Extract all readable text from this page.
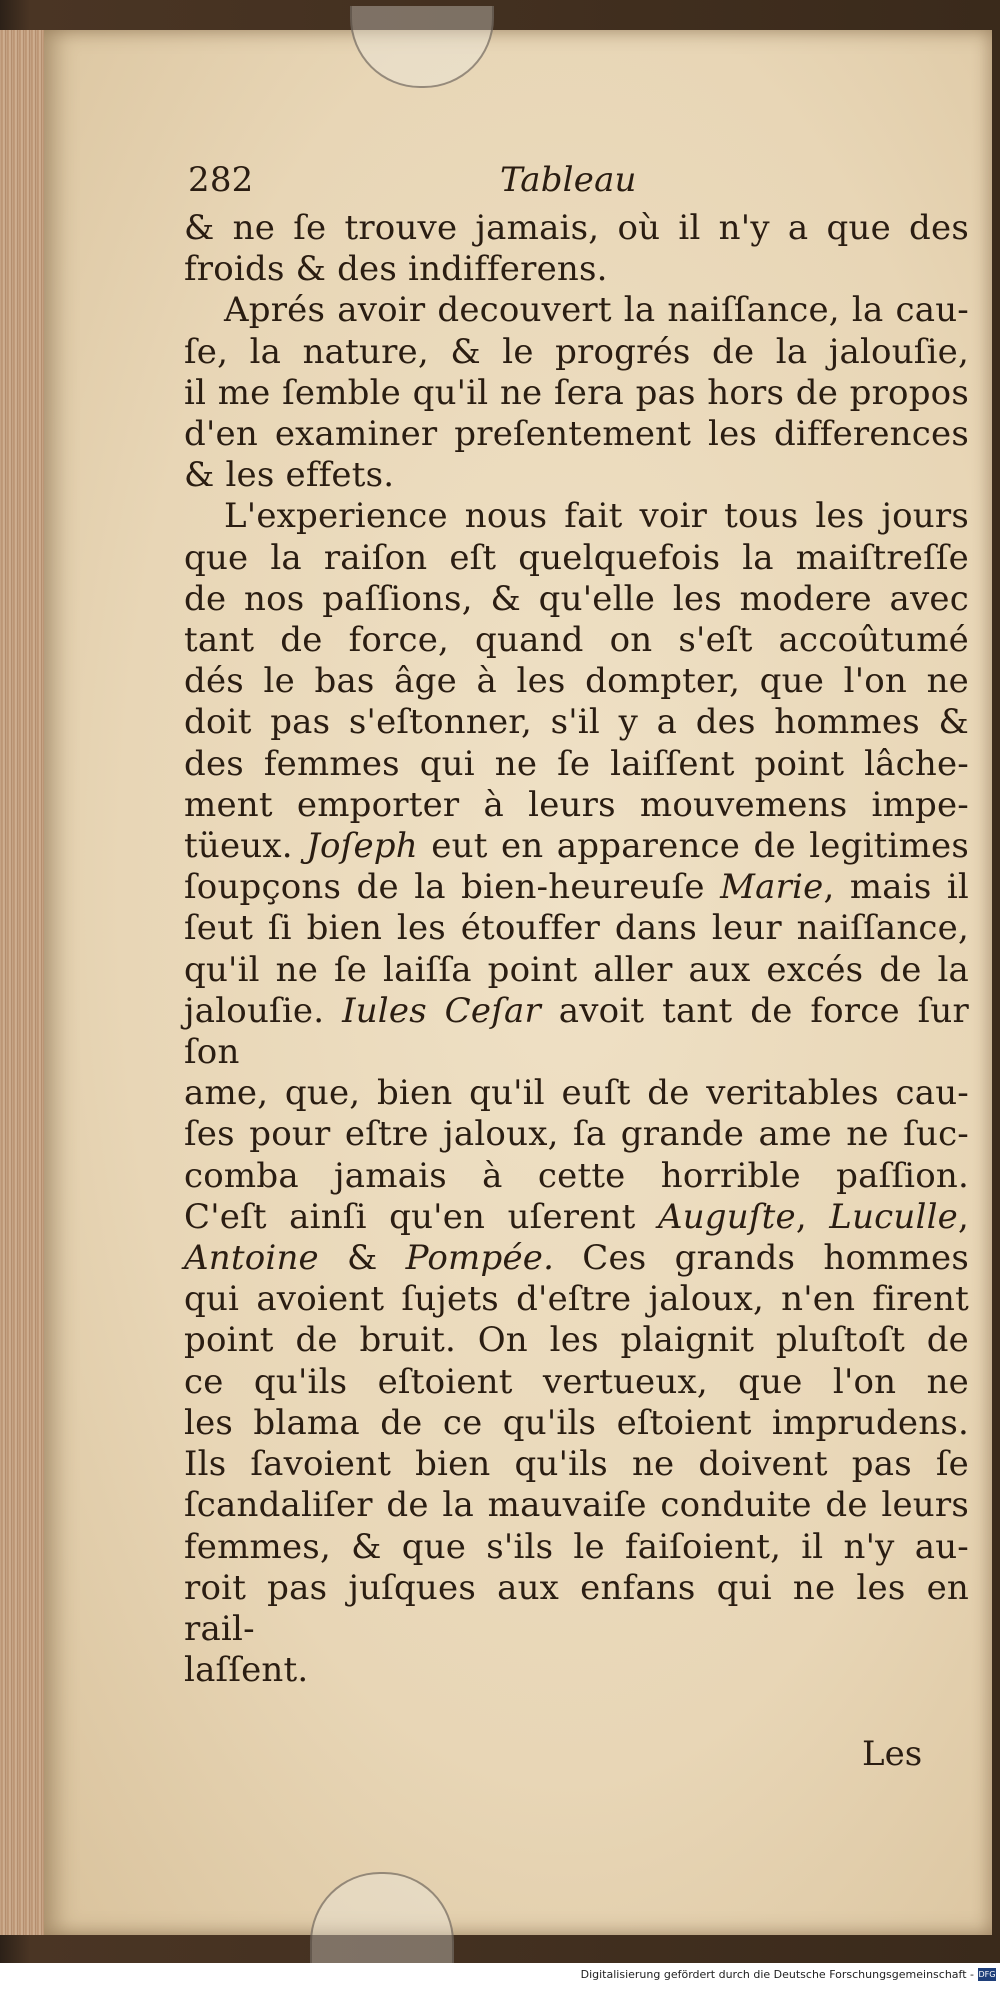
282	Tableau
& ne ſe trouve jamais, où il n'y a que des
froids & des indifferens.
Aprés avoir decouvert la naiſſance, la cau-
ſe, la nature, & le progrés de la jalouſie,
il me ſemble qu'il ne ſera pas hors de propos
d'en examiner preſentement les differences
& les effets.
L'experience nous fait voir tous les jours
que la raiſon eſt quelquefois la maiſtreſſe
de nos paſſions, & qu'elle les modere avec
tant de force, quand on s'eſt accoûtumé
dés le bas âge à les dompter, que l'on ne
doit pas s'eſtonner, s'il y a des hommes &
des femmes qui ne ſe laiſſent point lâche-
ment emporter à leurs mouvemens impe-
tüeux. Joſeph eut en apparence de legitimes
ſoupçons de la bien-heureuſe Marie, mais il
ſeut ſi bien les étouffer dans leur naiſſance,
qu'il ne ſe laiſſa point aller aux excés de la
jalouſie. Iules Ceſar avoit tant de force ſur ſon
ame, que, bien qu'il euſt de veritables cau-
ſes pour eſtre jaloux, ſa grande ame ne ſuc-
comba jamais à cette horrible paſſion.
C'eſt ainſi qu'en uſerent Auguſte, Luculle,
Antoine & Pompée. Ces grands hommes
qui avoient ſujets d'eſtre jaloux, n'en firent
point de bruit. On les plaignit pluſtoſt de
ce qu'ils eſtoient vertueux, que l'on ne
les blama de ce qu'ils eſtoient imprudens.
Ils ſavoient bien qu'ils ne doivent pas ſe
ſcandaliſer de la mauvaiſe conduite de leurs
femmes, & que s'ils le faiſoient, il n'y au-
roit pas juſques aux enfans qui ne les en rail-
laſſent.
Les
Digitalisierung gefördert durch die Deutsche Forschungsgemeinschaft - DFG
